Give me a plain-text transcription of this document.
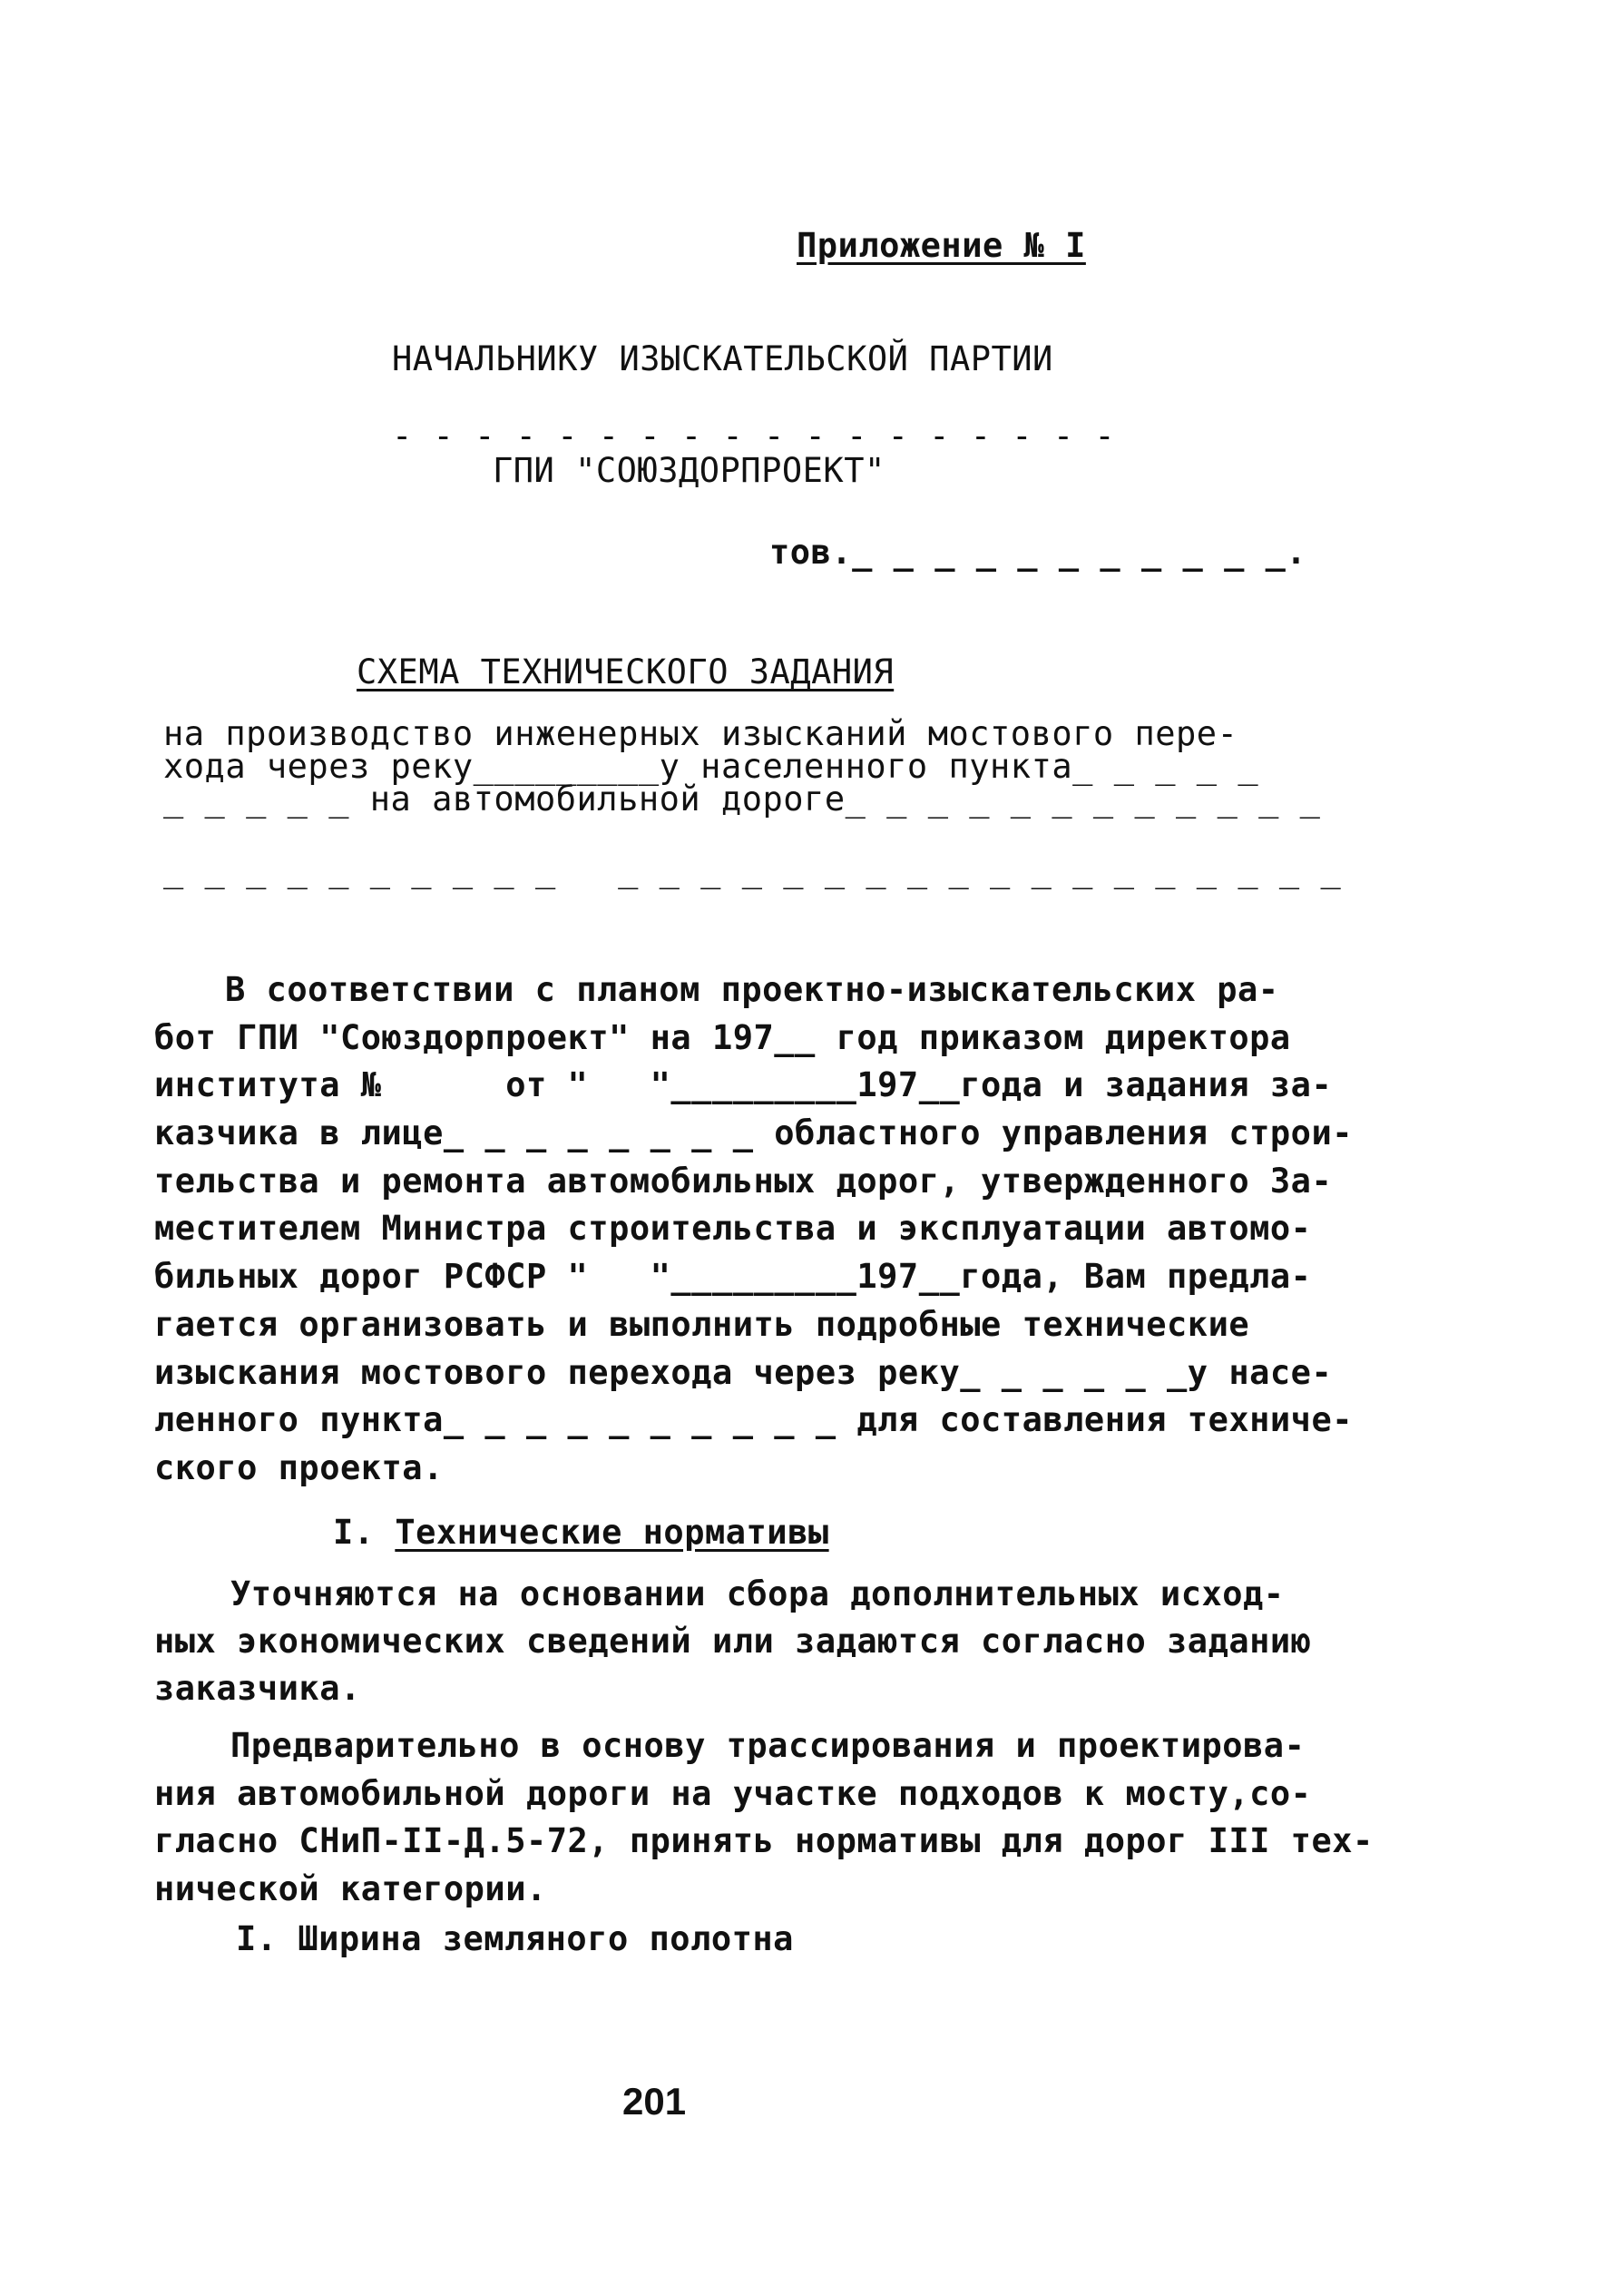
Приложение № I
НАЧАЛЬНИКУ ИЗЫСКАТЕЛЬСКОЙ ПАРТИИ
- - - - - - - - - - - - - - - - - -
ГПИ "СОЮЗДОРПРОЕКТ"
тов._ _ _ _ _ _ _ _ _ _ _.
СХЕМА ТЕХНИЧЕСКОГО ЗАДАНИЯ
на производство инженерных изысканий мостового пере-
хода через реку_________у населенного пункта_ _ _ _ _
_ _ _ _ _ на автомобильной дороге_ _ _ _ _ _ _ _ _ _ _ _
_ _ _ _ _ _ _ _ _ _   _ _ _ _ _ _ _ _ _ _ _ _ _ _ _ _ _ _
В соответствии с планом проектно-изыскательских ра-
бот ГПИ "Союздорпроект" на 197__ год приказом директора
института №      от "   "_________197__года и задания за-
казчика в лице_ _ _ _ _ _ _ _ областного управления строи-
тельства и ремонта автомобильных дорог, утвержденного За-
местителем Министра строительства и эксплуатации автомо-
бильных дорог РСФСР "   "_________197__года, Вам предла-
гается организовать и выполнить подробные технические
изыскания мостового перехода через реку_ _ _ _ _ _у насе-
ленного пункта_ _ _ _ _ _ _ _ _ _ для составления техниче-
ского проекта.
I. Технические нормативы
Уточняются на основании сбора дополнительных исход-
ных экономических сведений или задаются согласно заданию
заказчика.
Предварительно в основу трассирования и проектирова-
ния автомобильной дороги на участке подходов к мосту,со-
гласно СНиП-II-Д.5-72, принять нормативы для дорог III тех-
нической категории.
I. Ширина земляного полотна
201
